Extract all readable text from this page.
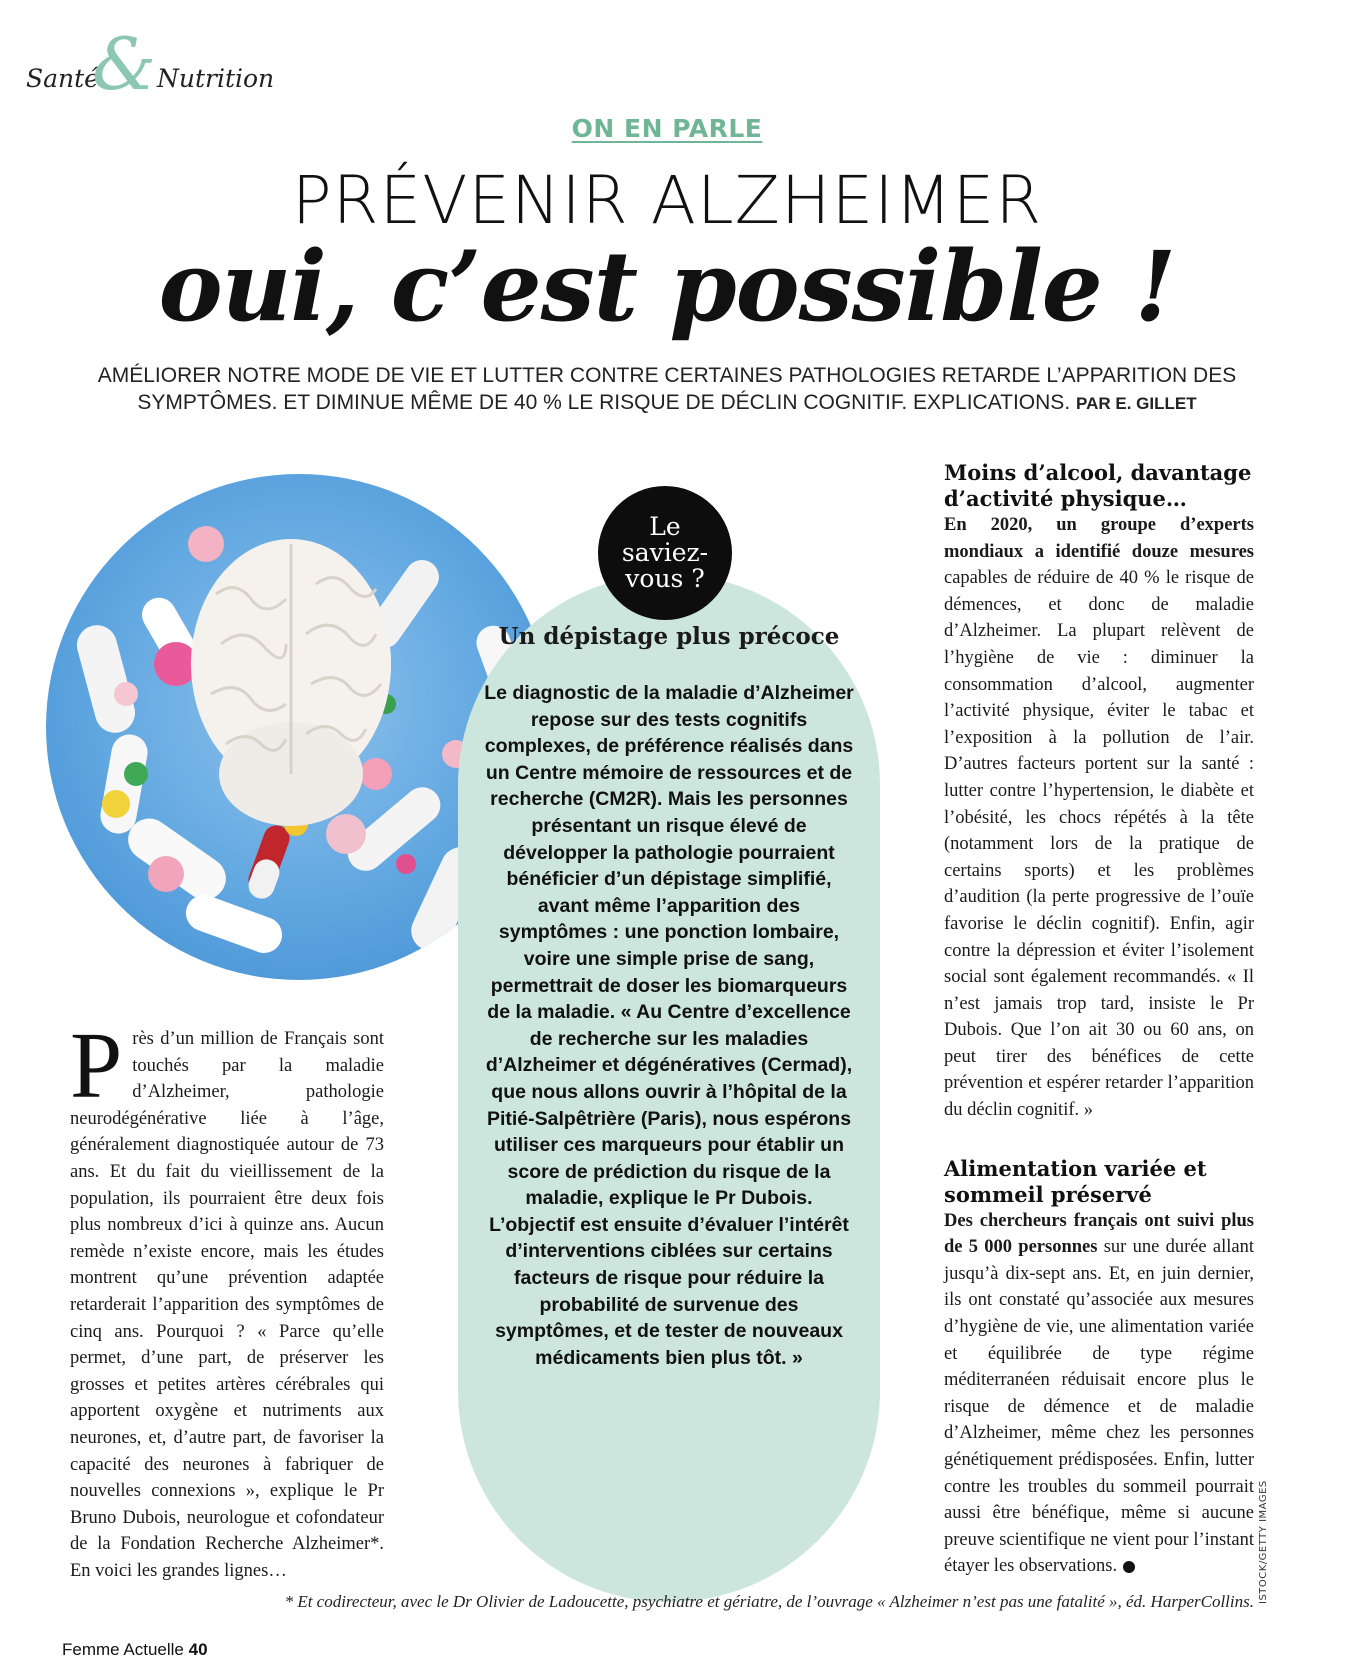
Santé
& Nutrition
ON EN PARLE
PRÉVENIR ALZHEIMER
oui, c’est possible !
AMÉLIORER NOTRE MODE DE VIE ET LUTTER CONTRE CERTAINES PATHOLOGIES RETARDE L’APPARITION DES SYMPTÔMES. ET DIMINUE MÊME DE 40 % LE RISQUE DE DÉCLIN COGNITIF. EXPLICATIONS. PAR E. GILLET
Le
saviez-
vous ?
Un dépistage plus précoce
Le diagnostic de la maladie d’Alzheimer repose sur des tests cognitifs complexes, de préférence réalisés dans un Centre mémoire de ressources et de recherche (CM2R). Mais les personnes présentant un risque élevé de développer la pathologie pourraient bénéficier d’un dépistage simplifié, avant même l’apparition des symptômes : une ponction lombaire, voire une simple prise de sang, permettrait de doser les biomarqueurs de la maladie. « Au Centre d’excellence de recherche sur les maladies d’Alzheimer et dégénératives (Cermad), que nous allons ouvrir à l’hôpital de la Pitié-Salpêtrière (Paris), nous espérons utiliser ces marqueurs pour établir un score de prédiction du risque de la maladie, explique le Pr Dubois. L’objectif est ensuite d’évaluer l’intérêt d’interventions ciblées sur certains facteurs de risque pour réduire la probabilité de survenue des symptômes, et de tester de nouveaux médicaments bien plus tôt. »
P rès d’un million de Français sont touchés par la maladie d’Alzheimer, pathologie neurodégénérative liée à l’âge, généralement diagnostiquée autour de 73 ans. Et du fait du vieillissement de la population, ils pourraient être deux fois plus nombreux d’ici à quinze ans. Aucun remède n’existe encore, mais les études montrent qu’une prévention adaptée retarderait l’apparition des symptômes de cinq ans. Pourquoi ? « Parce qu’elle permet, d’une part, de préserver les grosses et petites artères cérébrales qui apportent oxygène et nutriments aux neurones, et, d’autre part, de favoriser la capacité des neurones à fabriquer de nouvelles connexions », explique le Pr Bruno Dubois, neurologue et cofondateur de la Fondation Recherche Alzheimer*. En voici les grandes lignes…
Moins d’alcool, davantage d’activité physique…

En 2020, un groupe d’experts mondiaux a identifié douze mesures capables de réduire de 40 % le risque de démences, et donc de maladie d’Alzheimer. La plupart relèvent de l’hygiène de vie : diminuer la consommation d’alcool, augmenter l’activité physique, éviter le tabac et l’exposition à la pollution de l’air. D’autres facteurs portent sur la santé : lutter contre l’hypertension, le diabète et l’obésité, les chocs répétés à la tête (notamment lors de la pratique de certains sports) et les problèmes d’audition (la perte progressive de l’ouïe favorise le déclin cognitif). Enfin, agir contre la dépression et éviter l’isolement social sont également recommandés. « Il n’est jamais trop tard, insiste le Pr Dubois. Que l’on ait 30 ou 60 ans, on peut tirer des bénéfices de cette prévention et espérer retarder l’apparition du déclin cognitif. »

Alimentation variée et sommeil préservé

Des chercheurs français ont suivi plus de 5 000 personnes sur une durée allant jusqu’à dix-sept ans. Et, en juin dernier, ils ont constaté qu’associée aux mesures d’hygiène de vie, une alimentation variée et équilibrée de type régime méditerranéen réduisait encore plus le risque de démence et de maladie d’Alzheimer, même chez les personnes génétiquement prédisposées. Enfin, lutter contre les troubles du sommeil pourrait aussi être bénéfique, même si aucune preuve scientifique ne vient pour l’instant étayer les observations.	ISTOCK/GETTY IMAGES
* Et codirecteur, avec le Dr Olivier de Ladoucette, psychiatre et gériatre, de l’ouvrage « Alzheimer n’est pas une fatalité », éd. HarperCollins.
Femme Actuelle 40
